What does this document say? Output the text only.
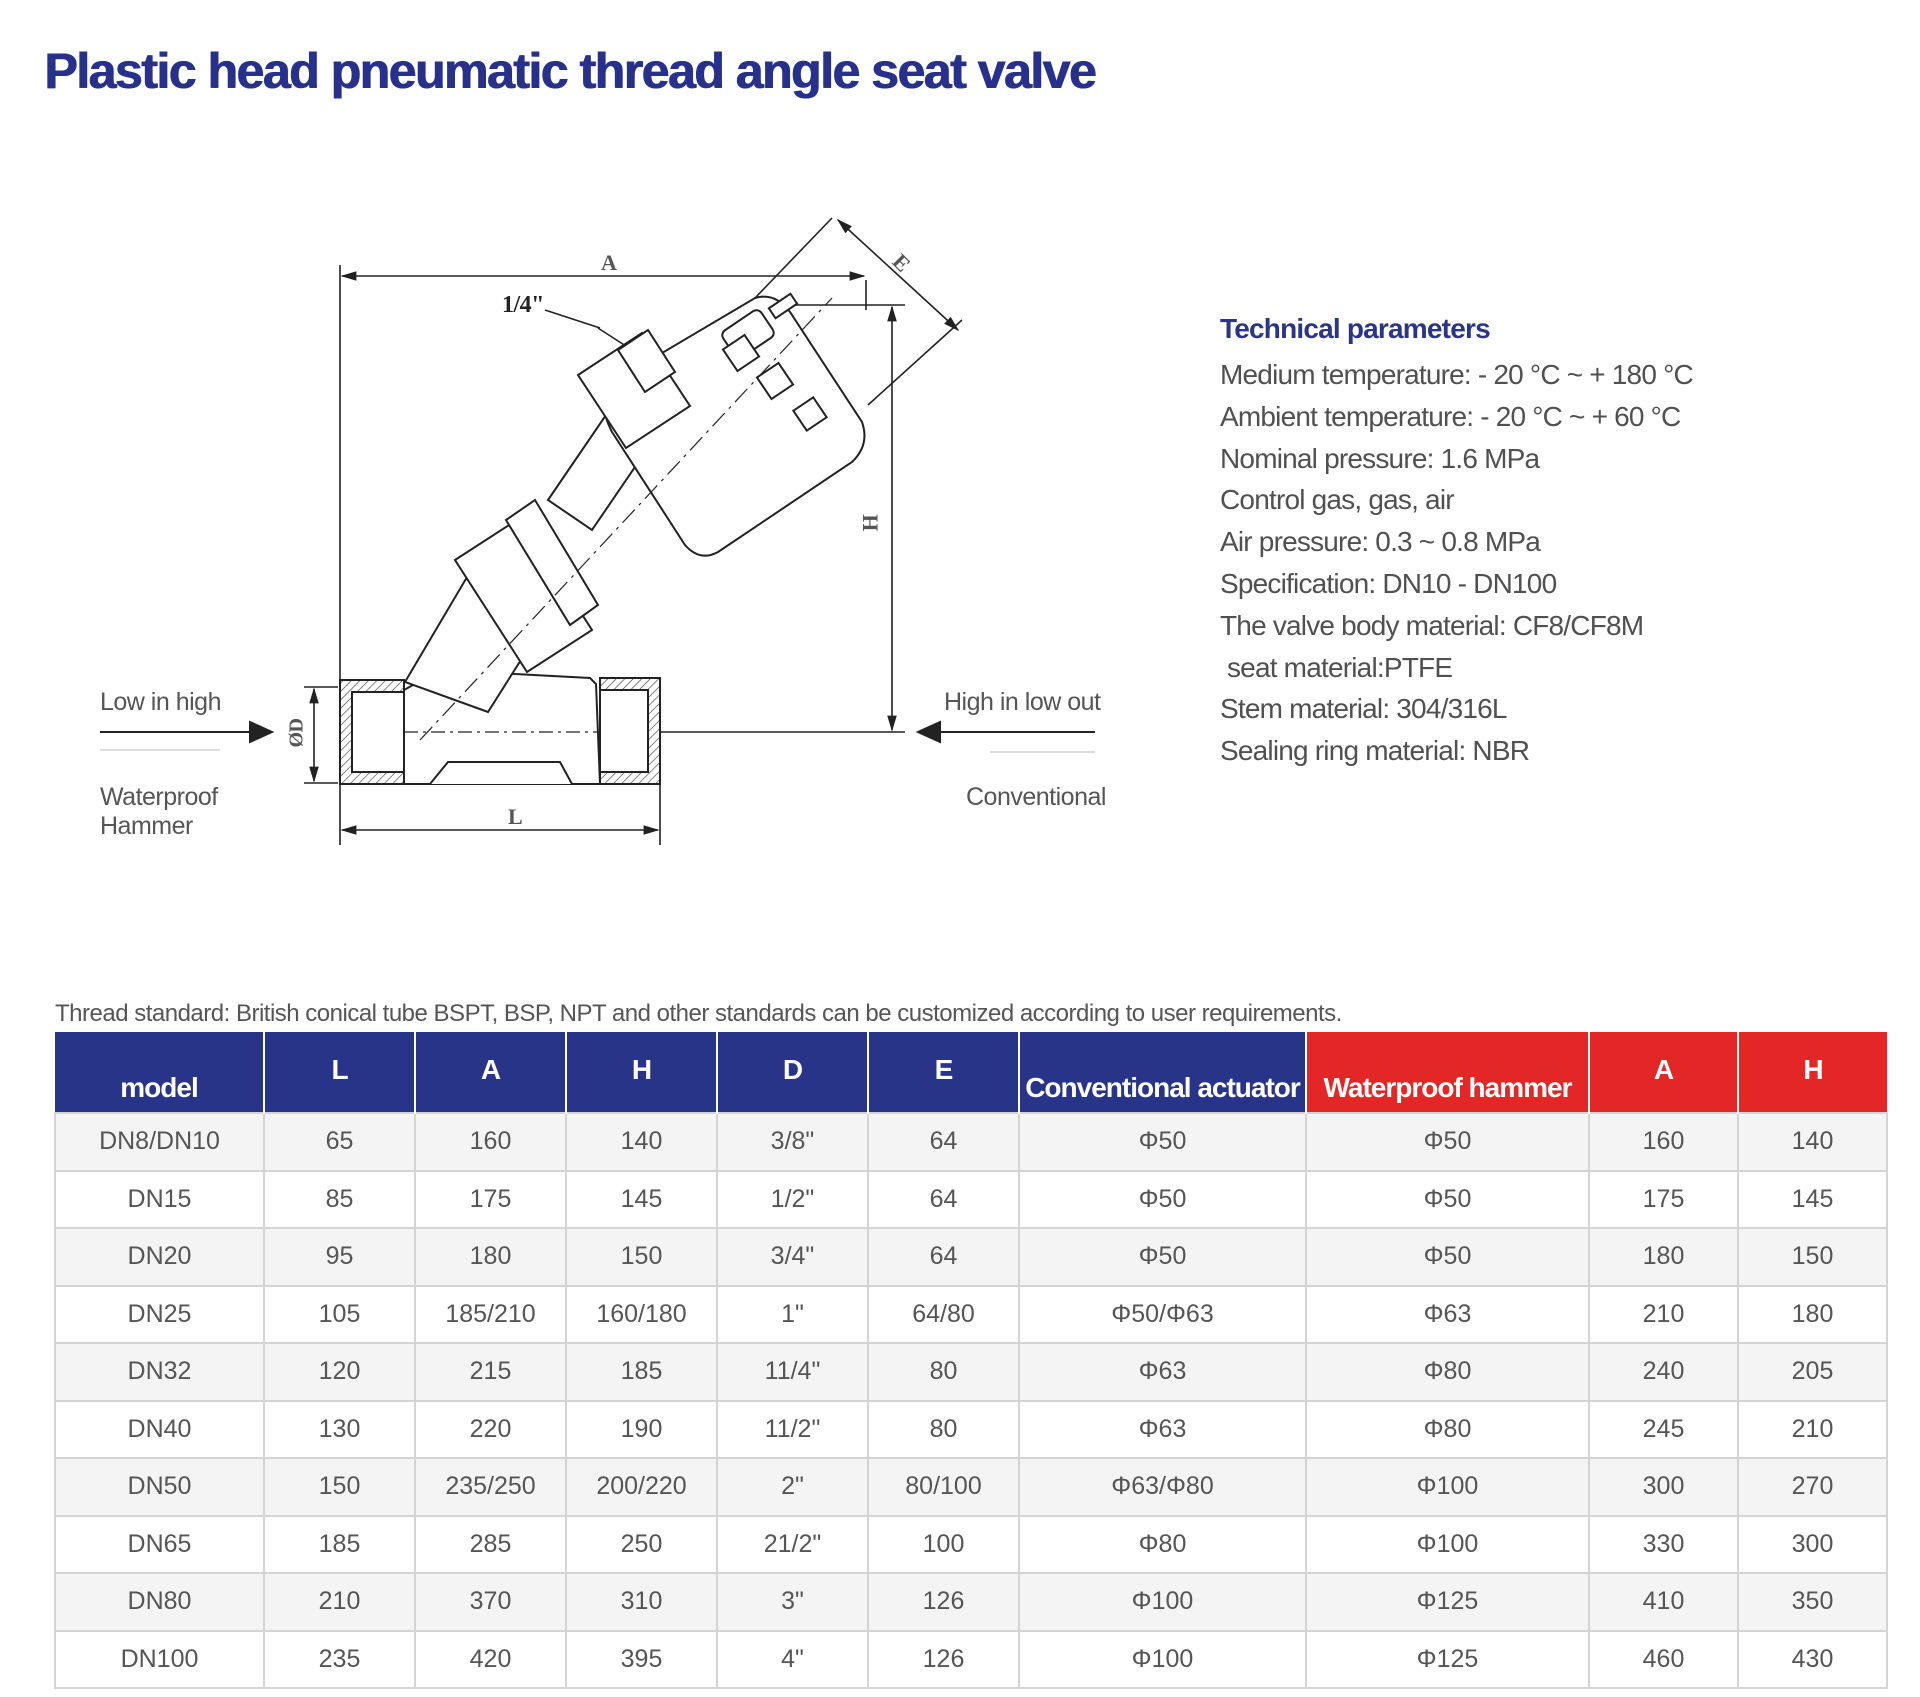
Plastic head pneumatic thread angle seat valve
A	E
H
L
ØD
1/4"
Low in high	High in low out
Waterproof
Hammer
Conventional
Technical parameters
Medium temperature: - 20 °C ~ + 180 °C
Ambient temperature: - 20 °C ~ + 60 °C
Nominal pressure: 1.6 MPa
Control gas, gas, air
Air pressure: 0.3 ~ 0.8 MPa
Specification: DN10 - DN100
The valve body material: CF8/CF8M
seat material:PTFE
Stem material: 304/316L
Sealing ring material: NBR
Thread standard: British conical tube BSPT, BSP, NPT and other standards can be customized according to user requirements.
model	L	A	H	D	E	Conventional actuator	Waterproof hammer	A	H
DN8/DN10	65	160	140	3/8"	64	Φ50	Φ50	160	140
DN15	85	175	145	1/2"	64	Φ50	Φ50	175	145
DN20	95	180	150	3/4"	64	Φ50	Φ50	180	150
DN25	105	185/210	160/180	1"	64/80	Φ50/Φ63	Φ63	210	180
DN32	120	215	185	11/4"	80	Φ63	Φ80	240	205
DN40	130	220	190	11/2"	80	Φ63	Φ80	245	210
DN50	150	235/250	200/220	2"	80/100	Φ63/Φ80	Φ100	300	270
DN65	185	285	250	21/2"	100	Φ80	Φ100	330	300
DN80	210	370	310	3"	126	Φ100	Φ125	410	350
DN100	235	420	395	4"	126	Φ100	Φ125	460	430
